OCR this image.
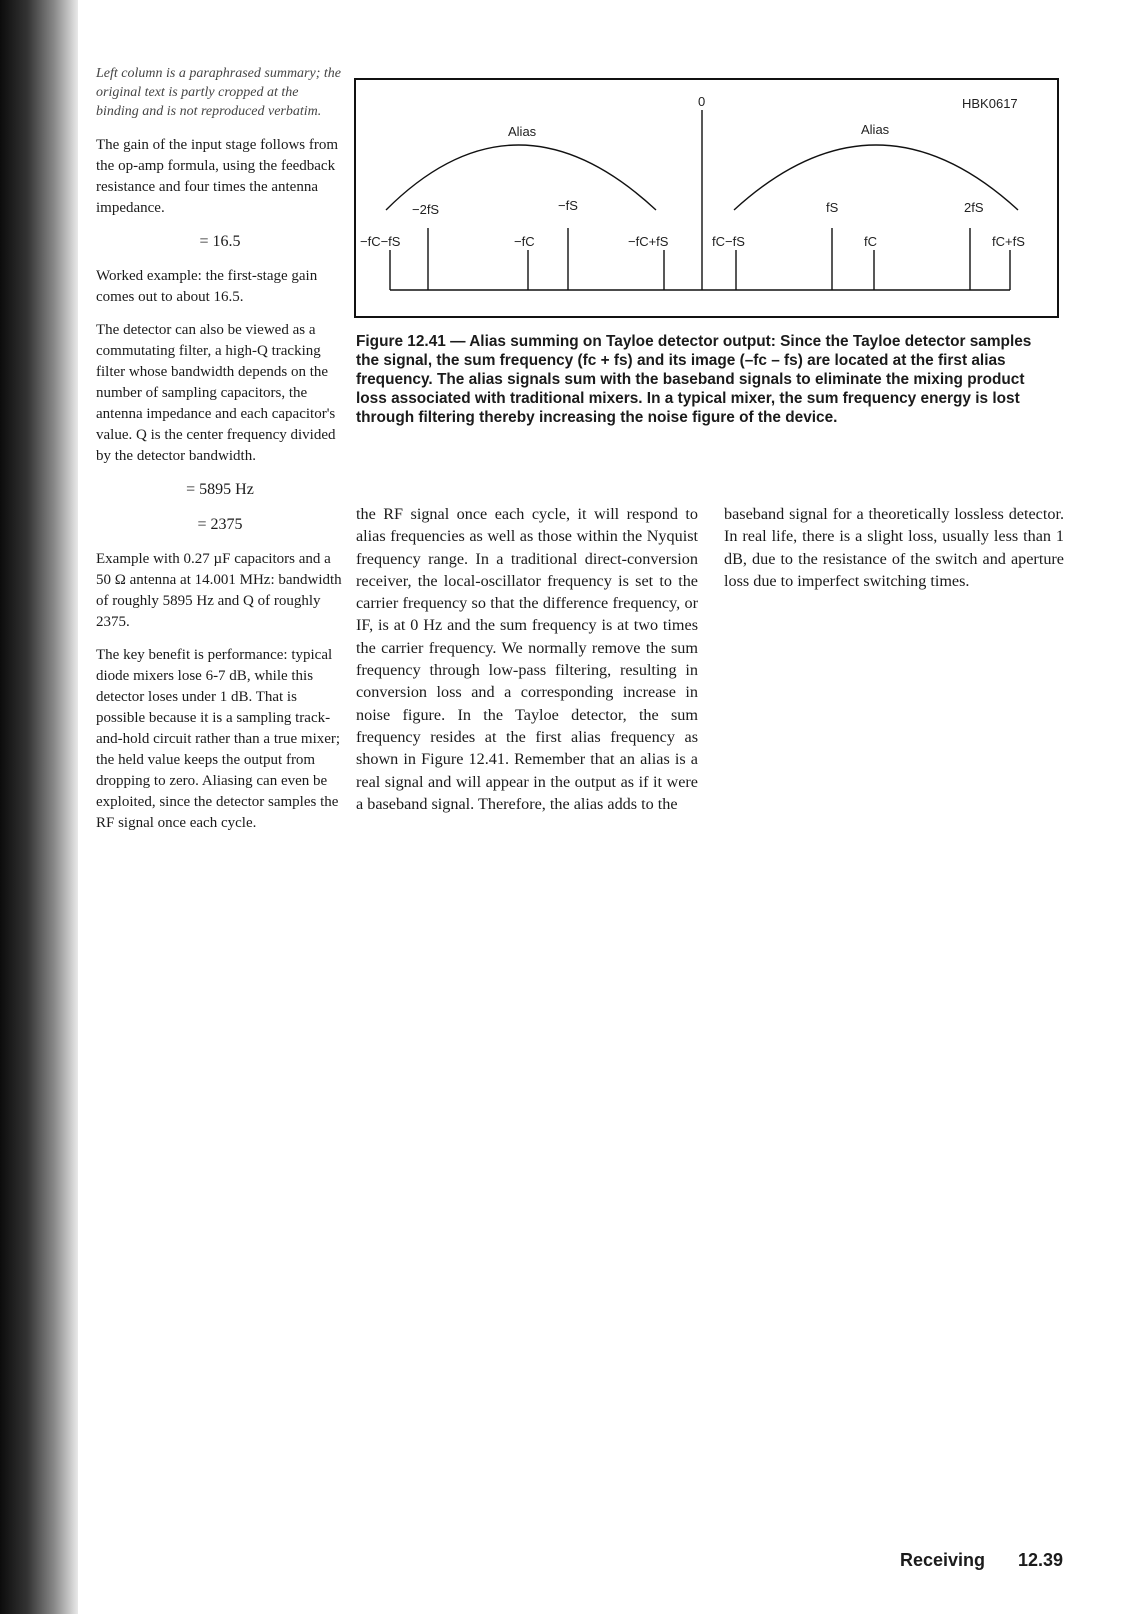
Left column is a paraphrased summary; the original text is partly cropped at the binding and is not reproduced verbatim.

The gain of the input stage follows from the op-amp formula, using the feedback resistance and four times the antenna impedance.

= 16.5

Worked example: the first-stage gain comes out to about 16.5.

The detector can also be viewed as a commutating filter, a high-Q tracking filter whose bandwidth depends on the number of sampling capacitors, the antenna impedance and each capacitor's value. Q is the center frequency divided by the detector bandwidth.

= 5895 Hz
= 2375

Example with 0.27 µF capacitors and a 50 Ω antenna at 14.001 MHz: bandwidth of roughly 5895 Hz and Q of roughly 2375.

The key benefit is performance: typical diode mixers lose 6-7 dB, while this detector loses under 1 dB. That is possible because it is a sampling track-and-hold circuit rather than a true mixer; the held value keeps the output from dropping to zero. Aliasing can even be exploited, since the detector samples the RF signal once each cycle.

HBK0617
0
Alias	Alias
−2fS	−fS	fS	2fS
−fC−fS	−fC	−fC+fS	fC−fS	fC	fC+fS
Figure 12.41 — Alias summing on Tayloe detector output: Since the Tayloe detector samples the signal, the sum frequency (fc + fs) and its image (–fc – fs) are located at the first alias frequency. The alias signals sum with the baseband signals to eliminate the mixing product loss associated with traditional mixers. In a typical mixer, the sum frequency energy is lost through filtering thereby increasing the noise figure of the device.
the RF signal once each cycle, it will respond to alias frequencies as well as those within the Nyquist frequency range. In a traditional direct-conversion receiver, the local-oscillator frequency is set to the carrier frequency so that the difference frequency, or IF, is at 0 Hz and the sum frequency is at two times the carrier frequency. We normally remove the sum frequency through low-pass filtering, resulting in conversion loss and a corresponding increase in noise figure. In the Tayloe detector, the sum frequency resides at the first alias frequency as shown in Figure 12.41. Remember that an alias is a real signal and will appear in the output as if it were a baseband signal. Therefore, the alias adds to the
baseband signal for a theoretically lossless detector. In real life, there is a slight loss, usually less than 1 dB, due to the resistance of the switch and aperture loss due to imperfect switching times.
Receiving 12.39
